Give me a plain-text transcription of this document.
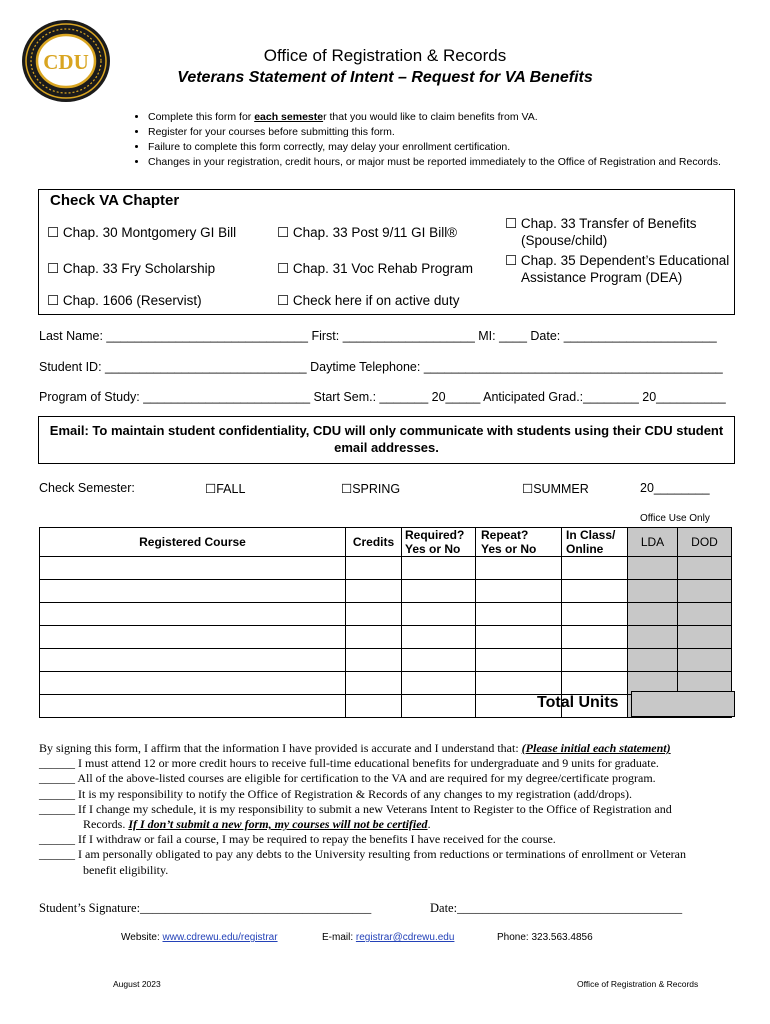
CDU	Office of Registration & Records
Veterans Statement of Intent – Request for VA Benefits
• Complete this form for each semester that you would like to claim benefits from VA.
• Register for your courses before submitting this form.
• Failure to complete this form correctly, may delay your enrollment certification.
• Changes in your registration, credit hours, or major must be reported immediately to the Office of Registration and Records.
Check VA Chapter
☐ Chap. 30 Montgomery GI Bill	☐ Chap. 33 Post 9/11 GI Bill®
☐ Chap. 33 Transfer of Benefits
(Spouse/child)
☐ Chap. 33 Fry Scholarship	☐ Chap. 31 Voc Rehab Program
☐ Chap. 35 Dependent’s Educational
Assistance Program (DEA)
☐ Chap. 1606 (Reservist)	☐ Check here if on active duty
Last Name: _____________________________ First: ___________________ MI: ____ Date: ______________________
Student ID: _____________________________ Daytime Telephone: ___________________________________________
Program of Study: ________________________ Start Sem.: _______ 20_____ Anticipated Grad.:________ 20__________
Email: To maintain student confidentiality, CDU will only communicate with students using their CDU student email addresses.
Check Semester:	☐FALL	☐SPRING	☐SUMMER	20________
Office Use Only
Registered Course	Credits	Required?
Yes or No	Repeat?
Yes or No	In Class/
Online	LDA	DOD

Total Units
By signing this form, I affirm that the information I have provided is accurate and I understand that: (Please initial each statement)
______ I must attend 12 or more credit hours to receive full-time educational benefits for undergraduate and 9 units for graduate.
______ All of the above-listed courses are eligible for certification to the VA and are required for my degree/certificate program.
______ It is my responsibility to notify the Office of Registration & Records of any changes to my registration (add/drops).
______ If I change my schedule, it is my responsibility to submit a new Veterans Intent to Register to the Office of Registration and
Records. If I don’t submit a new form, my courses will not be certified.
______ If I withdraw or fail a course, I may be required to repay the benefits I have received for the course.
______ I am personally obligated to pay any debts to the University resulting from reductions or terminations of enrollment or Veteran
benefit eligibility.
Student’s Signature:_____________________________________	Date:____________________________________
Website: www.cdrewu.edu/registrar	E-mail: registrar@cdrewu.edu	Phone: 323.563.4856
August 2023	Office of Registration & Records
